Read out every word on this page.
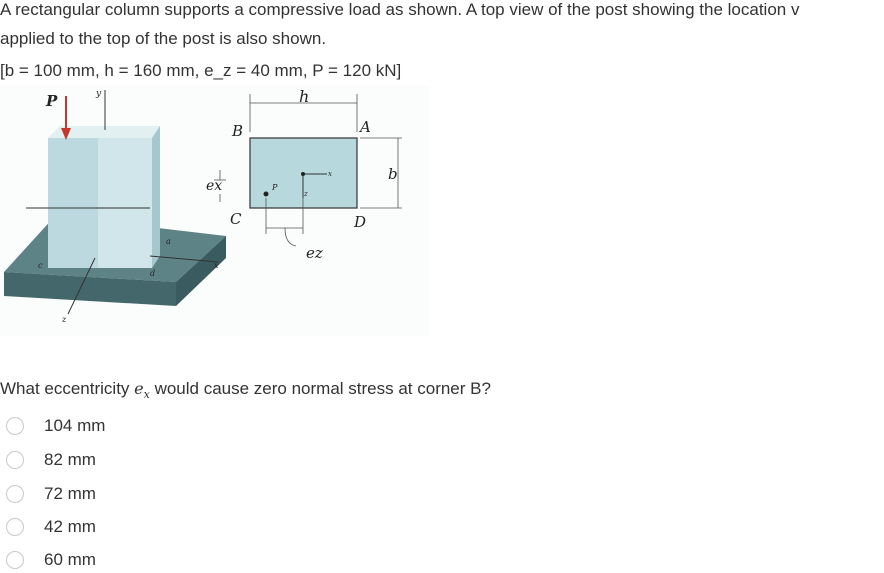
A rectangular column supports a compressive load as shown. A top view of the post showing the location v
applied to the top of the post is also shown.
[b = 100 mm, h = 160 mm, e_z = 40 mm, P = 120 kN]
y
x
z
a
c
d
P	h
B	A
C	D
b
x
z
P
ex
ez
What eccentricity $e_x$ would cause zero normal stress at corner B?
104 mm
82 mm
72 mm
42 mm
60 mm
